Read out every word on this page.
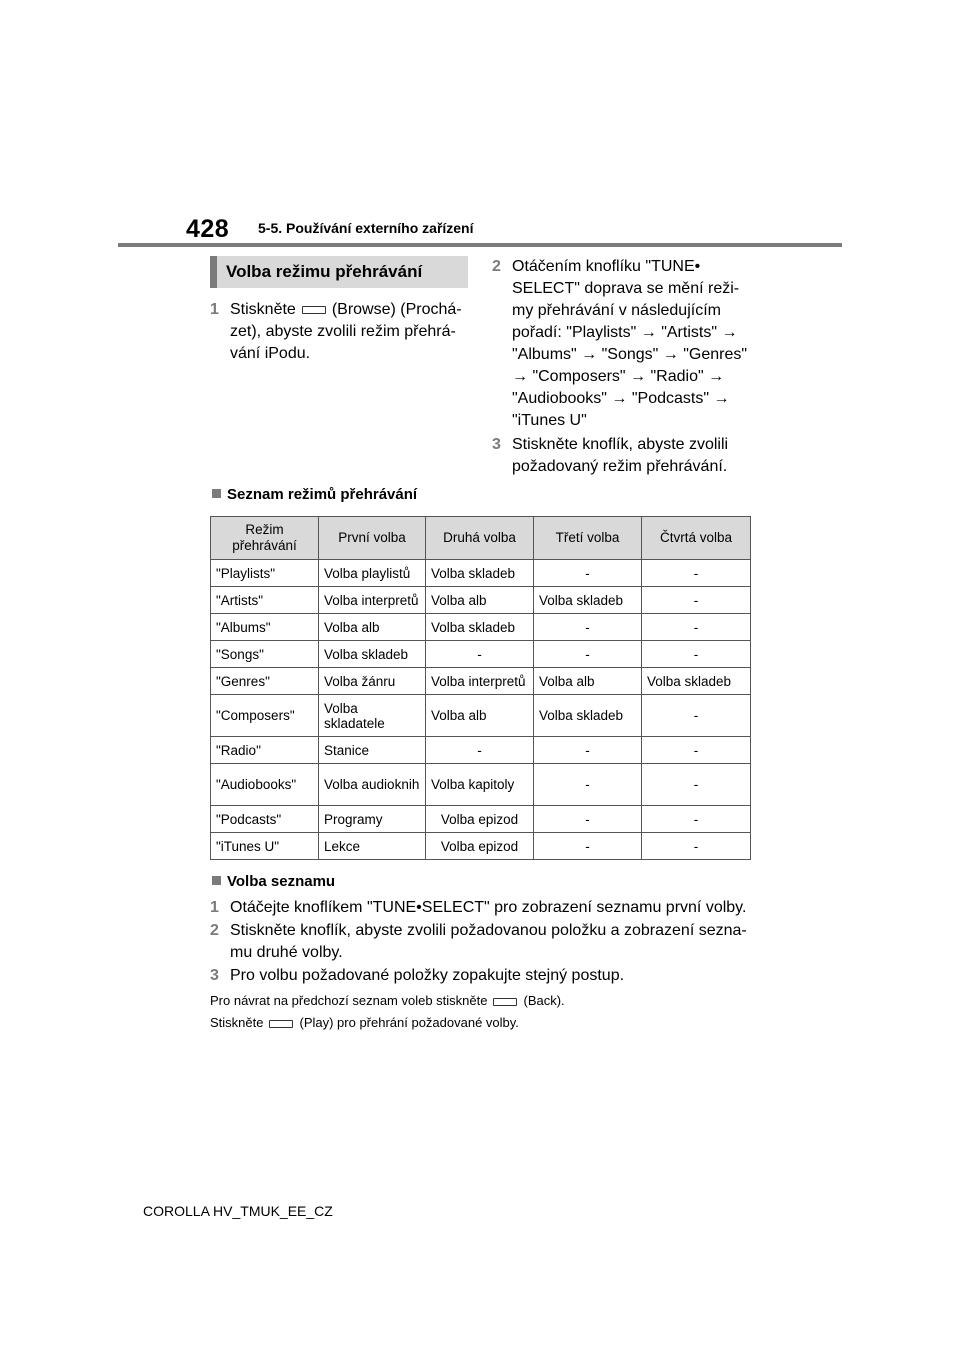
428 5-5. Používání externího zařízení
Volba režimu přehrávání
1 Stiskněte (Browse) (Prochá-
zet), abyste zvolili režim přehrá-
vání iPodu.
2 Otáčením knoflíku "TUNE•
SELECT" doprava se mění reži-
my přehrávání v následujícím
pořadí: "Playlists" → "Artists" →
"Albums" → "Songs" → "Genres"
→ "Composers" → "Radio" →
"Audiobooks" → "Podcasts" →
"iTunes U"
3 Stiskněte knoflík, abyste zvolili
požadovaný režim přehrávání.
Seznam režimů přehrávání
Režim přehrávání	První volba	Druhá volba	Třetí volba	Čtvrtá volba
"Playlists"	Volba playlistů	Volba skladeb	-	-
"Artists"	Volba interpretů	Volba alb	Volba skladeb	-
"Albums"	Volba alb	Volba skladeb	-	-
"Songs"	Volba skladeb	-	-	-
"Genres"	Volba žánru	Volba interpretů	Volba alb	Volba skladeb
"Composers"	Volba skladatele	Volba alb	Volba skladeb	-
"Radio"	Stanice	-	-	-
"Audiobooks"	Volba audioknih	Volba kapitoly	-	-
"Podcasts"	Programy	Volba epizod	-	-
"iTunes U"	Lekce	Volba epizod	-	-
Volba seznamu
1 Otáčejte knoflíkem "TUNE•SELECT" pro zobrazení seznamu první volby.
2 Stiskněte knoflík, abyste zvolili požadovanou položku a zobrazení sezna-
mu druhé volby.
3 Pro volbu požadované položky zopakujte stejný postup.
Pro návrat na předchozí seznam voleb stiskněte	(Back).
Stiskněte	(Play) pro přehrání požadované volby.
COROLLA HV_TMUK_EE_CZ
